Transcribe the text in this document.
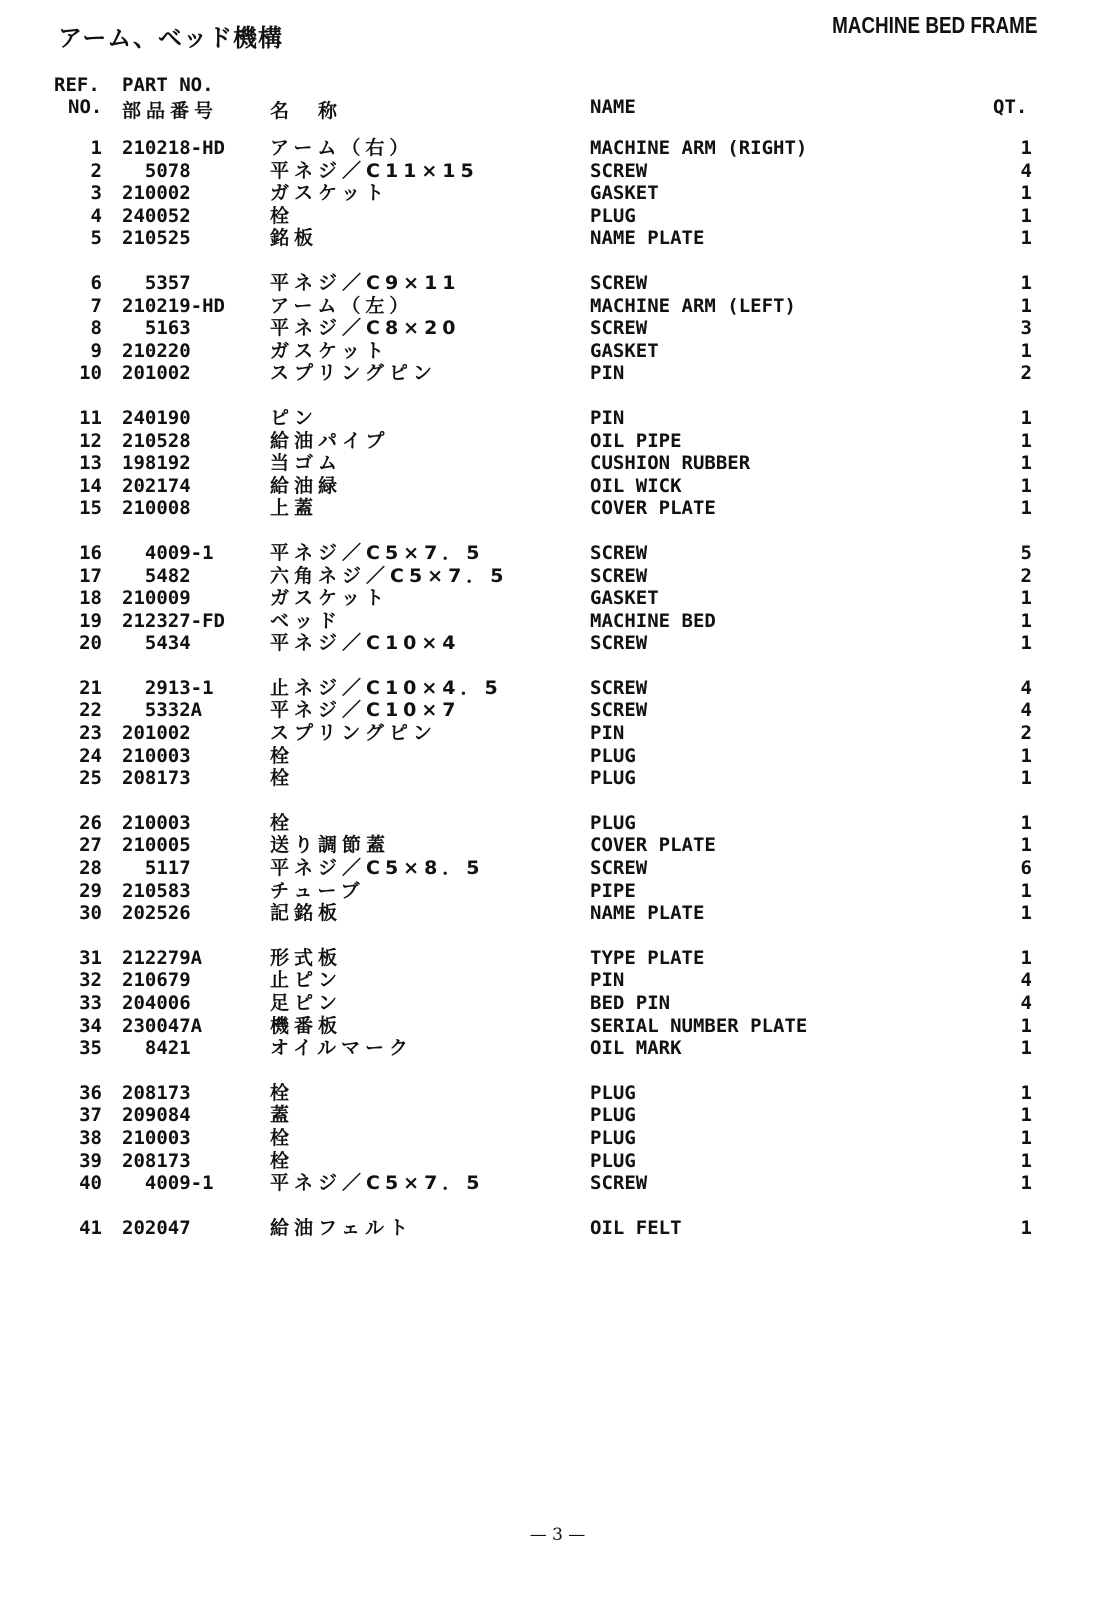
アーム、ベッド機構	MACHINE BED FRAME
REF.
NO.
PART NO.
部品番号	名　称	NAME	QT.
1 210218-HD	アーム（右）	MACHINE ARM (RIGHT)	1
2 5078	平ネジ／C11×15	SCREW	4
3 210002	ガスケット	GASKET	1
4 240052	栓	PLUG	1
5 210525	銘板	NAME PLATE	1
6 5357	平ネジ／C9×11	SCREW	1
7 210219-HD	アーム（左）	MACHINE ARM (LEFT)	1
8 5163	平ネジ／C8×20	SCREW	3
9 210220	ガスケット	GASKET	1
10 201002	スプリングピン	PIN	2
11 240190	ピン	PIN	1
12 210528	給油パイプ	OIL PIPE	1
13 198192	当ゴム	CUSHION RUBBER	1
14 202174	給油緑	OIL WICK	1
15 210008	上蓋	COVER PLATE	1
16 4009-1	平ネジ／C5×7．5	SCREW	5
17 5482	六角ネジ／C5×7．5	SCREW	2
18 210009	ガスケット	GASKET	1
19 212327-FD	ベッド	MACHINE BED	1
20 5434	平ネジ／C10×4	SCREW	1
21 2913-1	止ネジ／C10×4．5	SCREW	4
22 5332A	平ネジ／C10×7	SCREW	4
23 201002	スプリングピン	PIN	2
24 210003	栓	PLUG	1
25 208173	栓	PLUG	1
26 210003	栓	PLUG	1
27 210005	送り調節蓋	COVER PLATE	1
28 5117	平ネジ／C5×8．5	SCREW	6
29 210583	チューブ	PIPE	1
30 202526	記銘板	NAME PLATE	1
31 212279A	形式板	TYPE PLATE	1
32 210679	止ピン	PIN	4
33 204006	足ピン	BED PIN	4
34 230047A	機番板	SERIAL NUMBER PLATE	1
35 8421	オイルマーク	OIL MARK	1
36 208173	栓	PLUG	1
37 209084	蓋	PLUG	1
38 210003	栓	PLUG	1
39 208173	栓	PLUG	1
40 4009-1	平ネジ／C5×7．5	SCREW	1
41 202047	給油フェルト	OIL FELT	1
— 3 —
